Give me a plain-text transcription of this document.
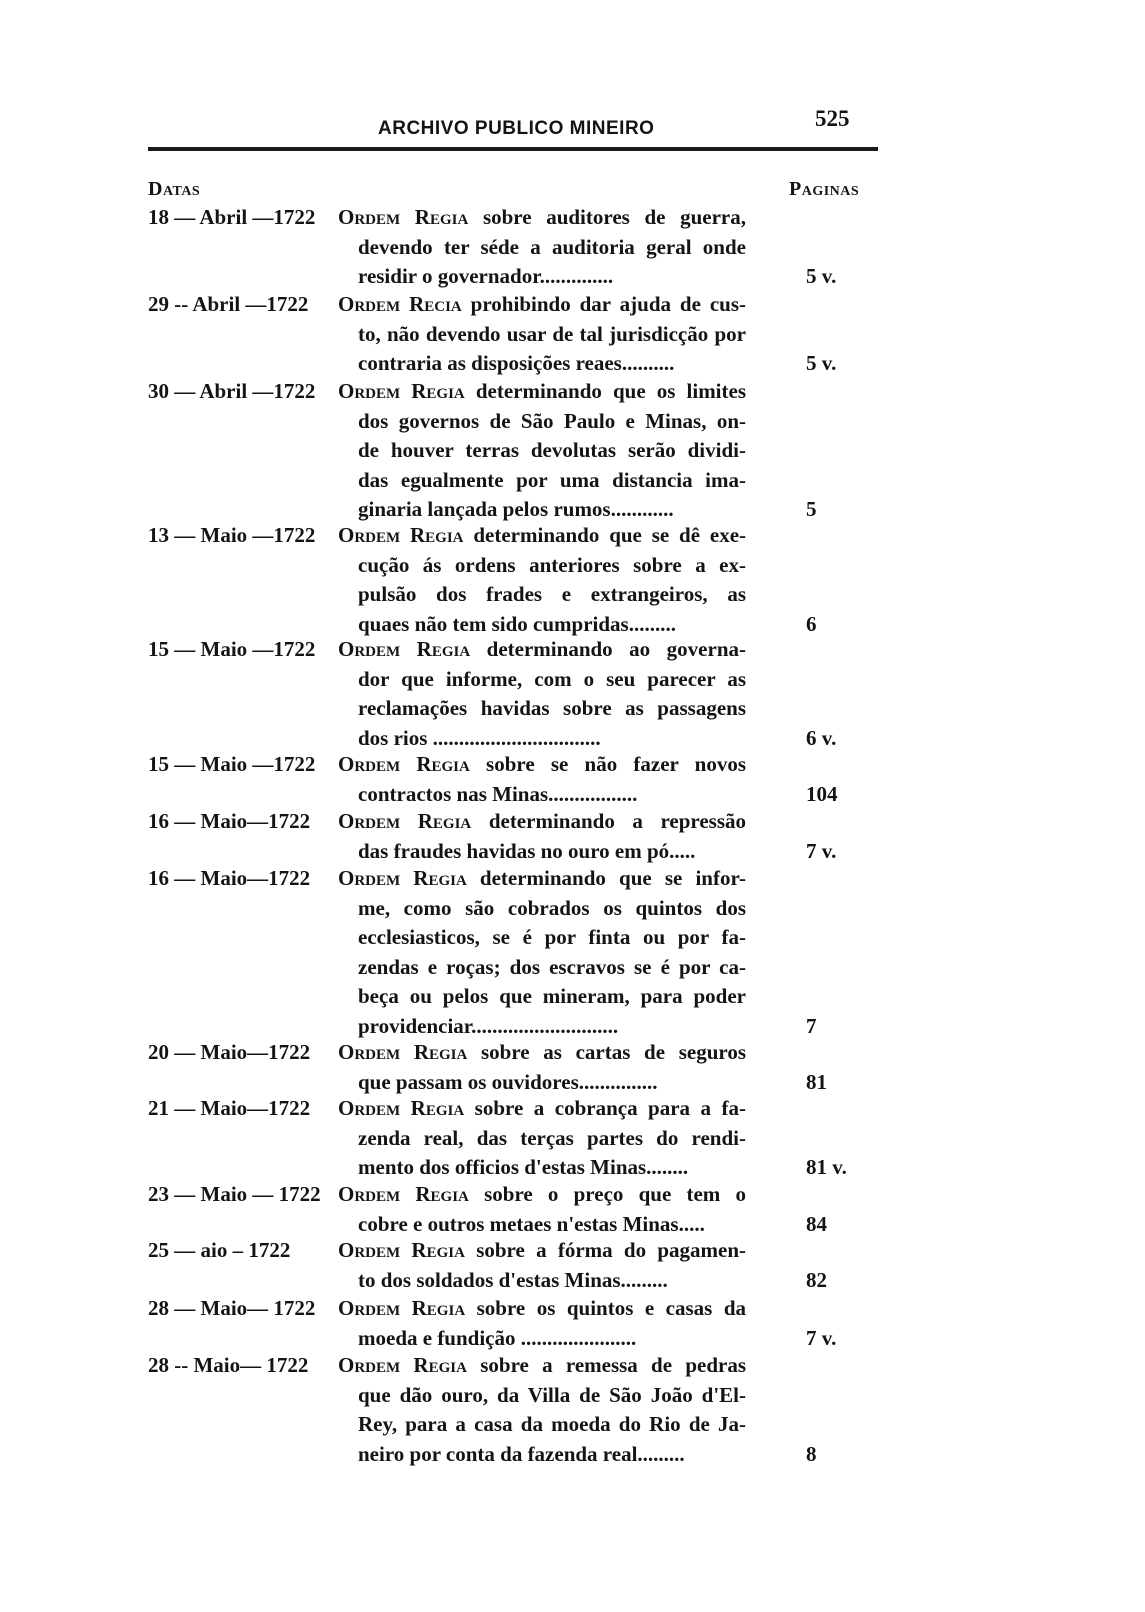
ARCHIVO PUBLICO MINEIRO	525
Datas	Paginas
18 — Abril —1722 Ordem Regia sobre auditores de guerra,
devendo ter séde a auditoria geral onde
residir o governador..............	5 v.
29 -- Abril —1722 Ordem Recia prohibindo dar ajuda de cus-
to, não devendo usar de tal jurisdicção por
contraria as disposições reaes..........	5 v.
30 — Abril —1722 Ordem Regia determinando que os limites
dos governos de São Paulo e Minas, on-
de houver terras devolutas serão dividi-
das egualmente por uma distancia ima-
ginaria lançada pelos rumos............	5
13 — Maio —1722 Ordem Regia determinando que se dê exe-
cução ás ordens anteriores sobre a ex-
pulsão dos frades e extrangeiros, as
quaes não tem sido cumpridas.........	6
15 — Maio —1722 Ordem Regia determinando ao governa-
dor que informe, com o seu parecer as
reclamações havidas sobre as passagens
dos rios ................................	6 v.
15 — Maio —1722 Ordem Regia sobre se não fazer novos
contractos nas Minas.................	104
16 — Maio—1722 Ordem Regia determinando a repressão
das fraudes havidas no ouro em pó.....	7 v.
16 — Maio—1722 Ordem Regia determinando que se infor-
me, como são cobrados os quintos dos
ecclesiasticos, se é por finta ou por fa-
zendas e roças; dos escravos se é por ca-
beça ou pelos que mineram, para poder
providenciar............................	7
20 — Maio—1722 Ordem Regia sobre as cartas de seguros
que passam os ouvidores...............	81
21 — Maio—1722 Ordem Regia sobre a cobrança para a fa-
zenda real, das terças partes do rendi-
mento dos officios d'estas Minas........	81 v.
23 — Maio — 1722 Ordem Regia sobre o preço que tem o
cobre e outros metaes n'estas Minas.....	84
25 — aio – 1722 Ordem Regia sobre a fórma do pagamen-
to dos soldados d'estas Minas.........	82
28 — Maio— 1722 Ordem Regia sobre os quintos e casas da
moeda e fundição ......................	7 v.
28 -- Maio— 1722 Ordem Regia sobre a remessa de pedras
que dão ouro, da Villa de São João d'El-
Rey, para a casa da moeda do Rio de Ja-
neiro por conta da fazenda real.........	8
